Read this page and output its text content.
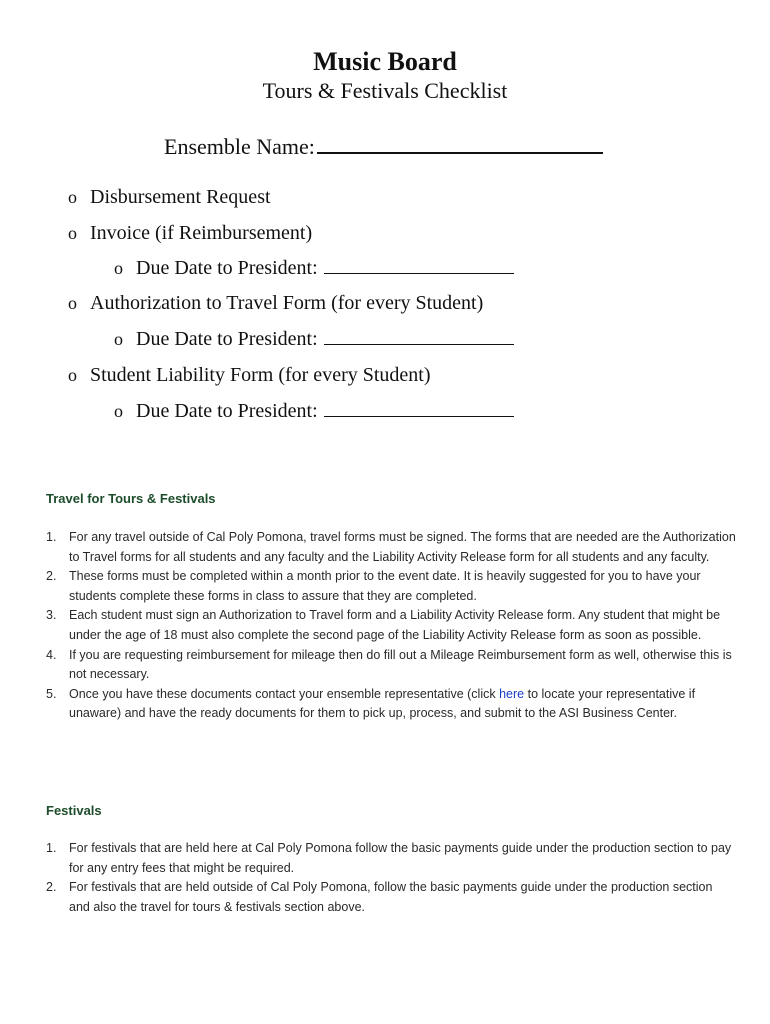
Music Board
Tours & Festivals Checklist
Ensemble Name:
o Disbursement Request
o Invoice (if Reimbursement)
o Due Date to President:
o Authorization to Travel Form (for every Student)
o Due Date to President:
o Student Liability Form (for every Student)
o Due Date to President:
Travel for Tours & Festivals
1. For any travel outside of Cal Poly Pomona, travel forms must be signed. The forms that are needed are the Authorization to Travel forms for all students and any faculty and the Liability Activity Release form for all students and any faculty.
2. These forms must be completed within a month prior to the event date. It is heavily suggested for you to have your students complete these forms in class to assure that they are completed.
3. Each student must sign an Authorization to Travel form and a Liability Activity Release form. Any student that might be under the age of 18 must also complete the second page of the Liability Activity Release form as soon as possible.
4. If you are requesting reimbursement for mileage then do fill out a Mileage Reimbursement form as well, otherwise this is not necessary.
5. Once you have these documents contact your ensemble representative (click here to locate your representative if unaware) and have the ready documents for them to pick up, process, and submit to the ASI Business Center.
Festivals
1. For festivals that are held here at Cal Poly Pomona follow the basic payments guide under the production section to pay for any entry fees that might be required.
2. For festivals that are held outside of Cal Poly Pomona, follow the basic payments guide under the production section and also the travel for tours & festivals section above.
